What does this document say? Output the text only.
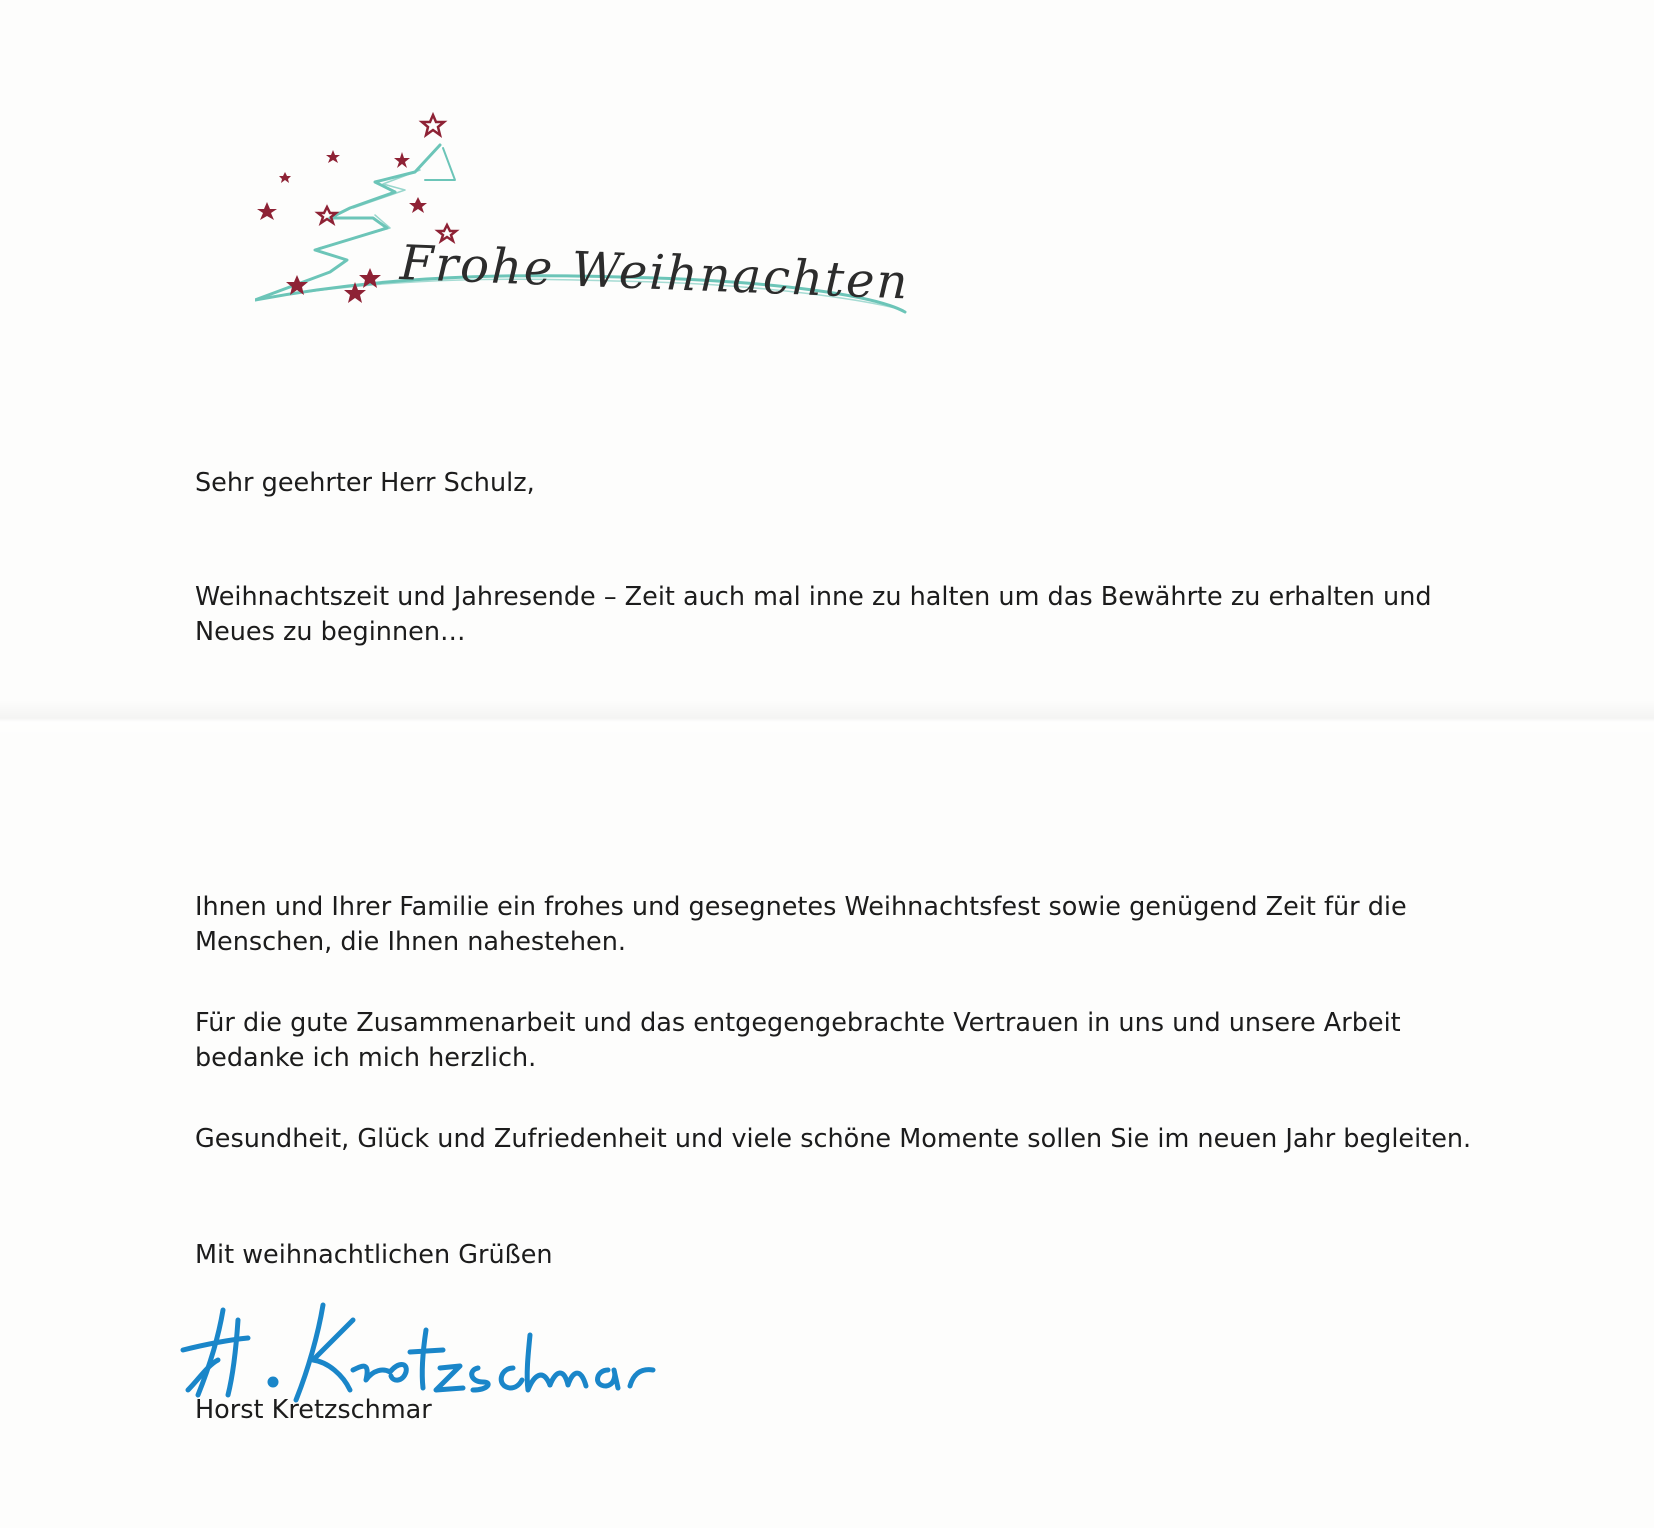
Frohe Weihnachten

Sehr geehrter Herr Schulz,

Weihnachtszeit und Jahresende – Zeit auch mal inne zu halten um das Bewährte zu erhalten und Neues zu beginnen…

Ihnen und Ihrer Familie ein frohes und gesegnetes Weihnachtsfest sowie genügend Zeit für die Menschen, die Ihnen nahestehen.

Für die gute Zusammenarbeit und das entgegengebrachte Vertrauen in uns und unsere Arbeit bedanke ich mich herzlich.

Gesundheit, Glück und Zufriedenheit und viele schöne Momente sollen Sie im neuen Jahr begleiten.

Mit weihnachtlichen Grüßen

Horst Kretzschmar
